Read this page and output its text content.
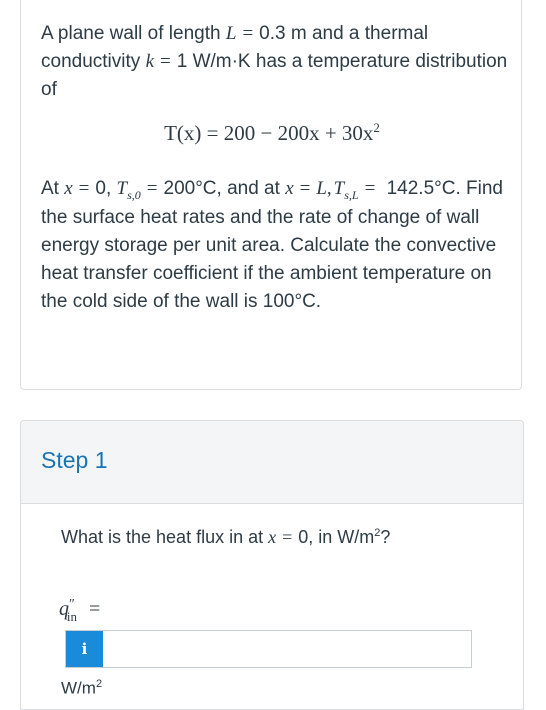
A plane wall of length L = 0.3 m and a thermal conductivity k = 1 W/m·K has a temperature distribution of
$T(x) = 200 - 200x + 30x^2$
At x = 0, $T_{s,0} = 200^\circ C$, and at x = L, $T_{s,L} = 142.5^\circ C$. Find the surface heat rates and the rate of change of wall energy storage per unit area. Calculate the convective heat transfer coefficient if the ambient temperature on the cold side of the wall is 100°C.
Step 1
What is the heat flux in at x = 0, in $W/m^2$?
$q''_{in}$ =
i
$W/m^2$
